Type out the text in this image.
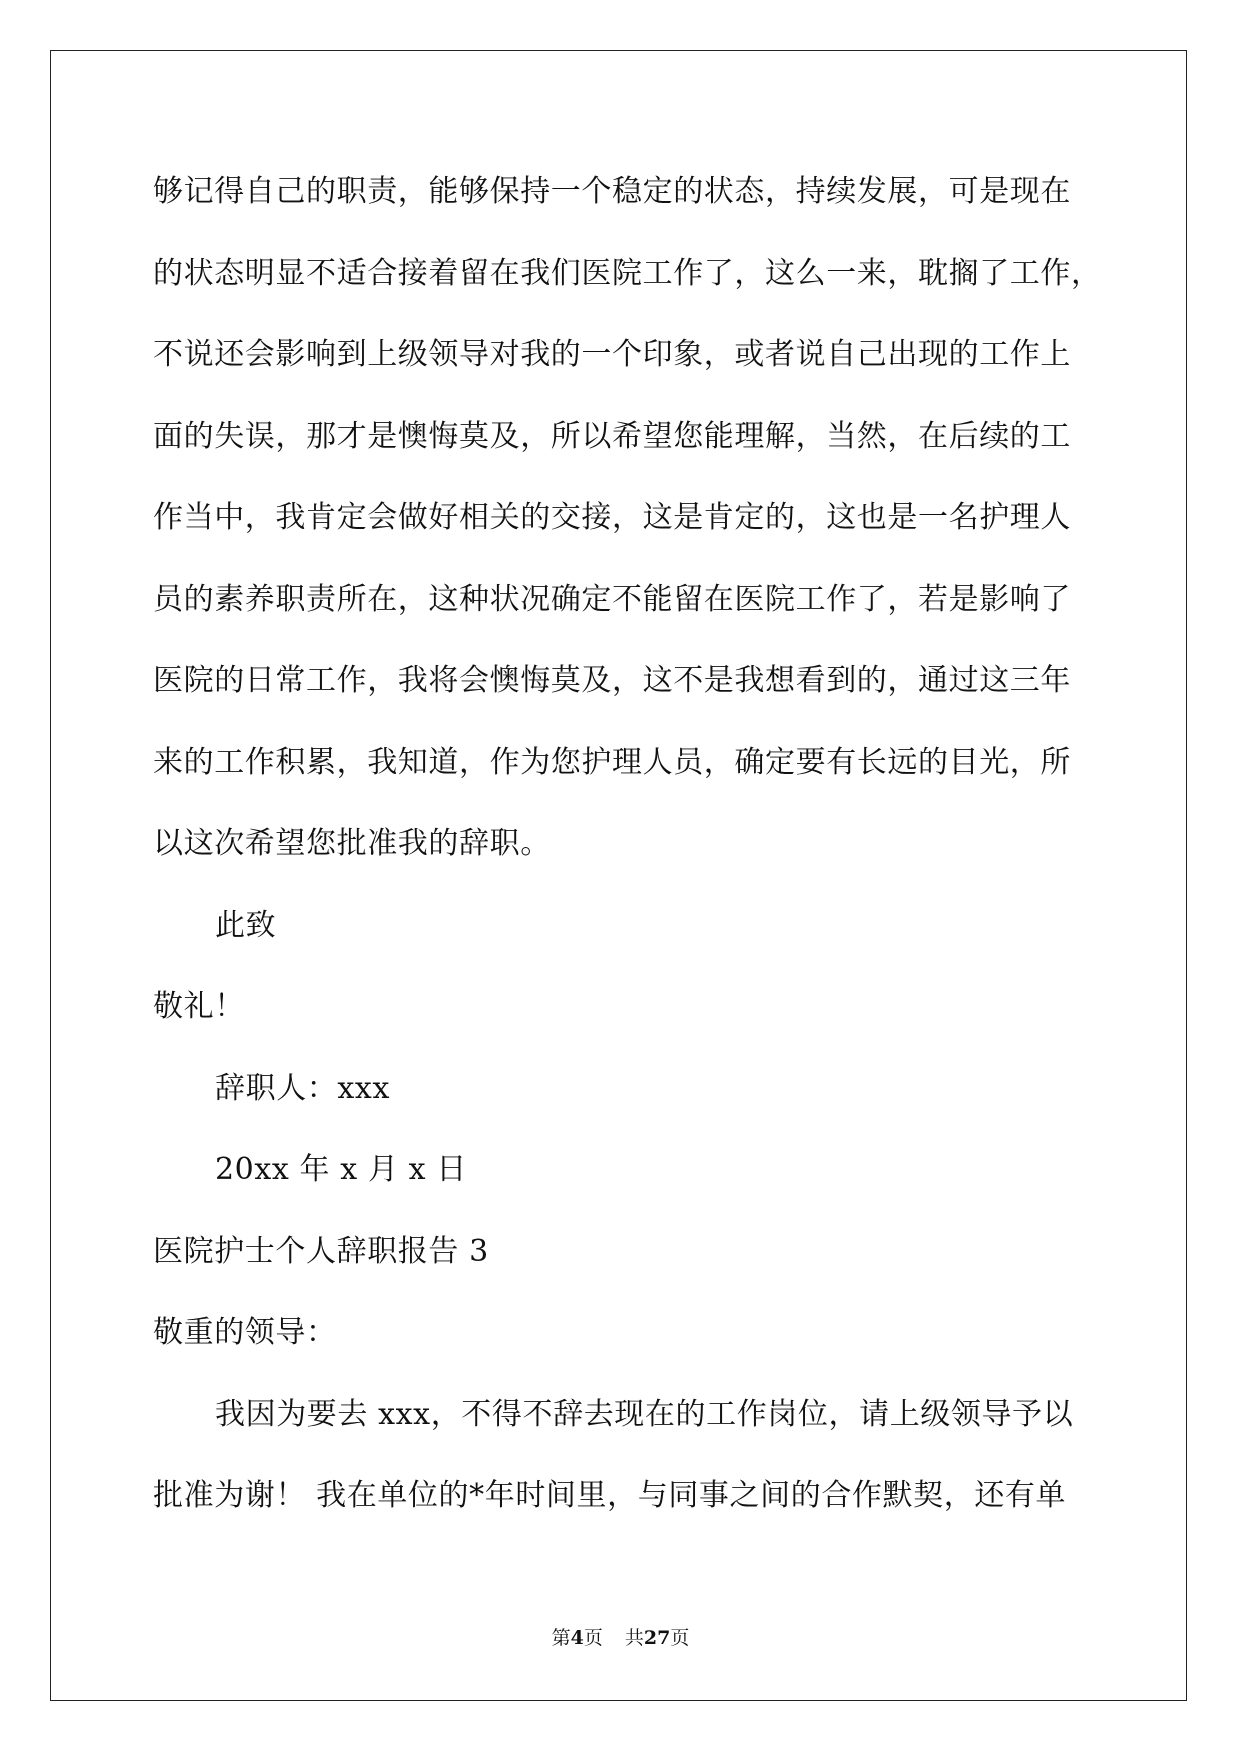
够记得自己的职责，能够保持一个稳定的状态，持续发展，可是现在
的状态明显不适合接着留在我们医院工作了，这么一来，耽搁了工作，
不说还会影响到上级领导对我的一个印象，或者说自己出现的工作上
面的失误，那才是懊悔莫及，所以希望您能理解，当然，在后续的工
作当中，我肯定会做好相关的交接，这是肯定的，这也是一名护理人
员的素养职责所在，这种状况确定不能留在医院工作了，若是影响了
医院的日常工作，我将会懊悔莫及，这不是我想看到的，通过这三年
来的工作积累，我知道，作为您护理人员，确定要有长远的目光，所
以这次希望您批准我的辞职。
此致
敬礼！
辞职人：xxx
20xx 年 x 月 x 日
医院护士个人辞职报告 3
敬重的领导：
我因为要去 xxx，不得不辞去现在的工作岗位，请上级领导予以
批准为谢！ 我在单位的*年时间里，与同事之间的合作默契，还有单
第4页 共27页
